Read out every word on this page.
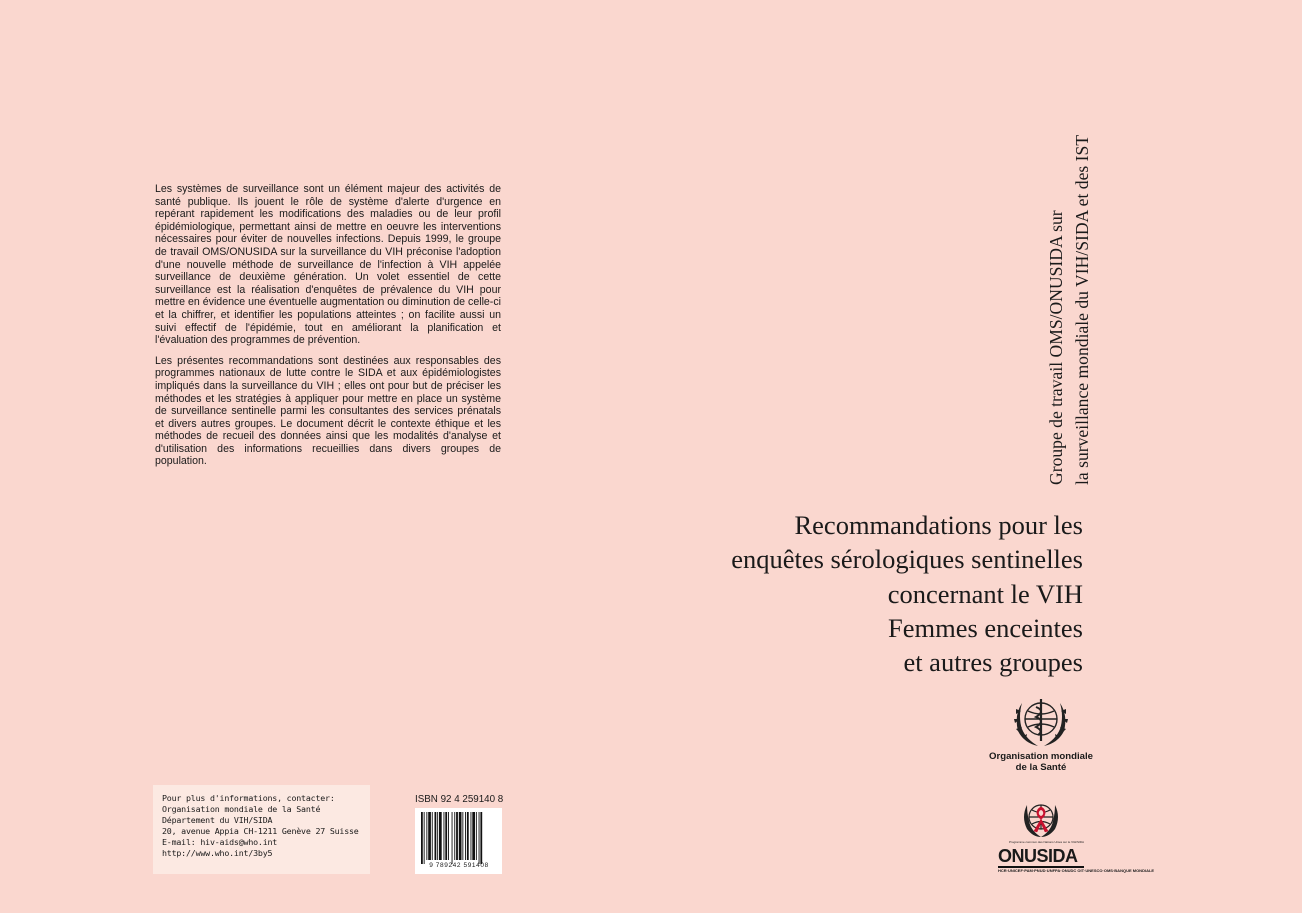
Les systèmes de surveillance sont un élément majeur des activités de santé publique. Ils jouent le rôle de système d'alerte d'urgence en repérant rapidement les modifications des maladies ou de leur profil épidémiologique, permettant ainsi de mettre en oeuvre les interventions nécessaires pour éviter de nouvelles infections. Depuis 1999, le groupe de travail OMS/ONUSIDA sur la surveillance du VIH préconise l'adoption d'une nouvelle méthode de surveillance de l'infection à VIH appelée surveillance de deuxième génération. Un volet essentiel de cette surveillance est la réalisation d'enquêtes de prévalence du VIH pour mettre en évidence une éventuelle augmentation ou diminution de celle-ci et la chiffrer, et identifier les populations atteintes ; on facilite aussi un suivi effectif de l'épidémie, tout en améliorant la planification et l'évaluation des programmes de prévention.

Les présentes recommandations sont destinées aux responsables des programmes nationaux de lutte contre le SIDA et aux épidémiologistes impliqués dans la surveillance du VIH ; elles ont pour but de préciser les méthodes et les stratégies à appliquer pour mettre en place un système de surveillance sentinelle parmi les consultantes des services prénatals et divers autres groupes. Le document décrit le contexte éthique et les méthodes de recueil des données ainsi que les modalités d'analyse et d'utilisation des informations recueillies dans divers groupes de population.

Pour plus d'informations, contacter:
Organisation mondiale de la Santé
Département du VIH/SIDA
20, avenue Appia CH-1211 Genève 27 Suisse
E-mail: hiv-aids@who.int
http://www.who.int/3by5
ISBN 92 4 259140 8
9 789242 591408
Groupe de travail OMS/ONUSIDA sur la surveillance mondiale du VIH/SIDA et des IST
Recommandations pour les
enquêtes sérologiques sentinelles
concernant le VIH
Femmes enceintes
et autres groupes
Organisation mondiale
de la Santé
Programme commun des Nations Unies sur le VIH/SIDA
ONUSIDA
HCR·UNICEF·PAM·PNUD·UNFPA·ONUDC OIT·UNESCO·OMS·BANQUE MONDIALE
